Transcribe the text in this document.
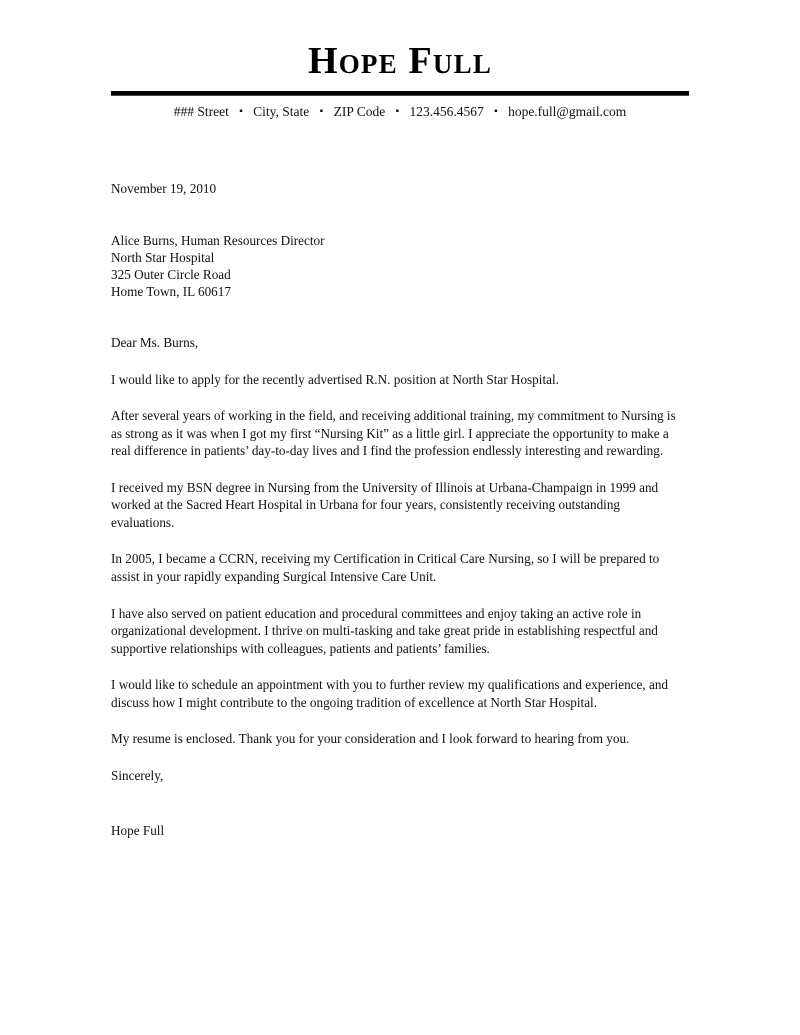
Hope Full
### Street ▪ City, State ▪ ZIP Code ▪ 123.456.4567 ▪ hope.full@gmail.com
November 19, 2010
Alice Burns, Human Resources Director
North Star Hospital
325 Outer Circle Road
Home Town, IL 60617
Dear Ms. Burns,

I would like to apply for the recently advertised R.N. position at North Star Hospital.

After several years of working in the field, and receiving additional training, my commitment to Nursing is as strong as it was when I got my first “Nursing Kit” as a little girl. I appreciate the opportunity to make a real difference in patients’ day-to-day lives and I find the profession endlessly interesting and rewarding.

I received my BSN degree in Nursing from the University of Illinois at Urbana-Champaign in 1999 and worked at the Sacred Heart Hospital in Urbana for four years, consistently receiving outstanding evaluations.

In 2005, I became a CCRN, receiving my Certification in Critical Care Nursing, so I will be prepared to assist in your rapidly expanding Surgical Intensive Care Unit.

I have also served on patient education and procedural committees and enjoy taking an active role in organizational development. I thrive on multi-tasking and take great pride in establishing respectful and supportive relationships with colleagues, patients and patients’ families.

I would like to schedule an appointment with you to further review my qualifications and experience, and discuss how I might contribute to the ongoing tradition of excellence at North Star Hospital.

My resume is enclosed. Thank you for your consideration and I look forward to hearing from you.

Sincerely,
Hope Full
